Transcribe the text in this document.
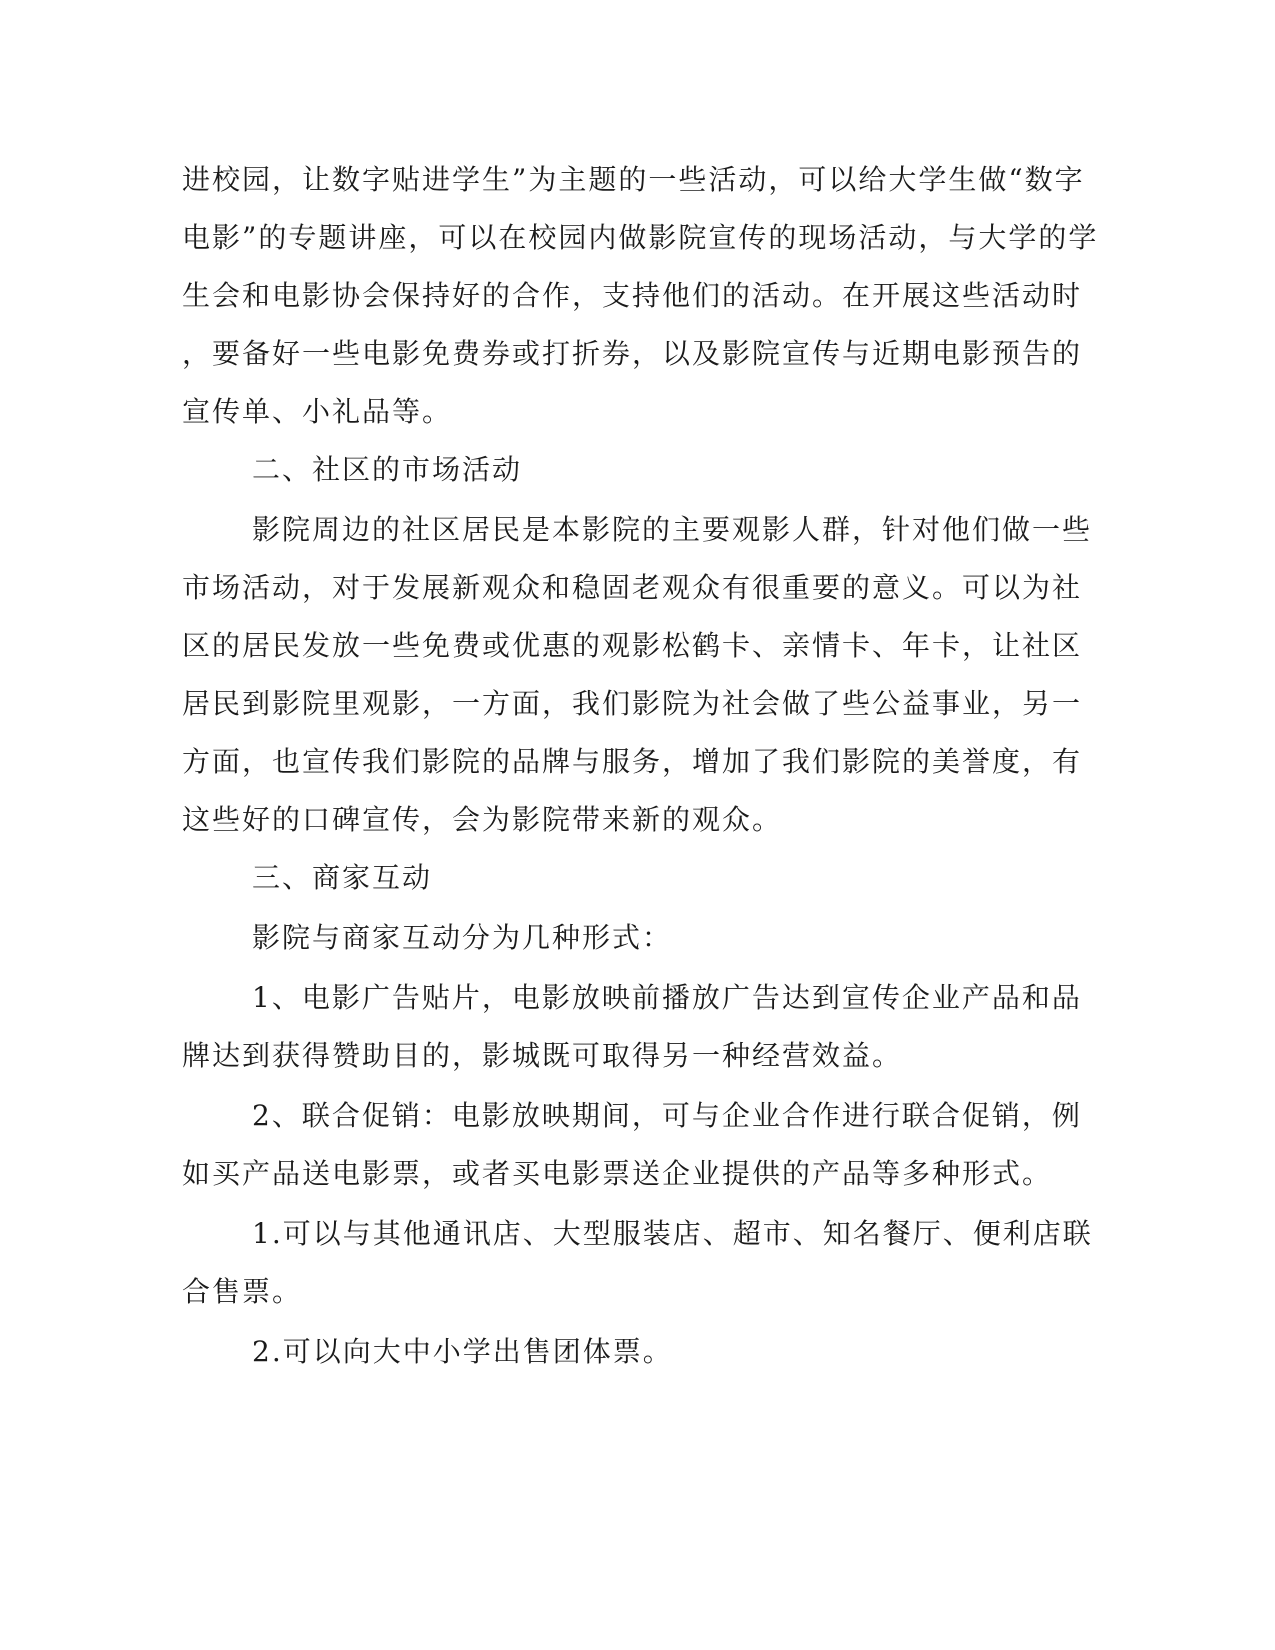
进校园，让数字贴进学生”为主题的一些活动，可以给大学生做“数字

电影”的专题讲座，可以在校园内做影院宣传的现场活动，与大学的学

生会和电影协会保持好的合作，支持他们的活动。在开展这些活动时

，要备好一些电影免费券或打折券，以及影院宣传与近期电影预告的

宣传单、小礼品等。

二、社区的市场活动

影院周边的社区居民是本影院的主要观影人群，针对他们做一些

市场活动，对于发展新观众和稳固老观众有很重要的意义。可以为社

区的居民发放一些免费或优惠的观影松鹤卡、亲情卡、年卡，让社区

居民到影院里观影，一方面，我们影院为社会做了些公益事业，另一

方面，也宣传我们影院的品牌与服务，增加了我们影院的美誉度，有

这些好的口碑宣传，会为影院带来新的观众。

三、商家互动

影院与商家互动分为几种形式：

1、电影广告贴片，电影放映前播放广告达到宣传企业产品和品

牌达到获得赞助目的，影城既可取得另一种经营效益。

2、联合促销：电影放映期间，可与企业合作进行联合促销，例

如买产品送电影票，或者买电影票送企业提供的产品等多种形式。

1.可以与其他通讯店、大型服装店、超市、知名餐厅、便利店联

合售票。

2.可以向大中小学出售团体票。
